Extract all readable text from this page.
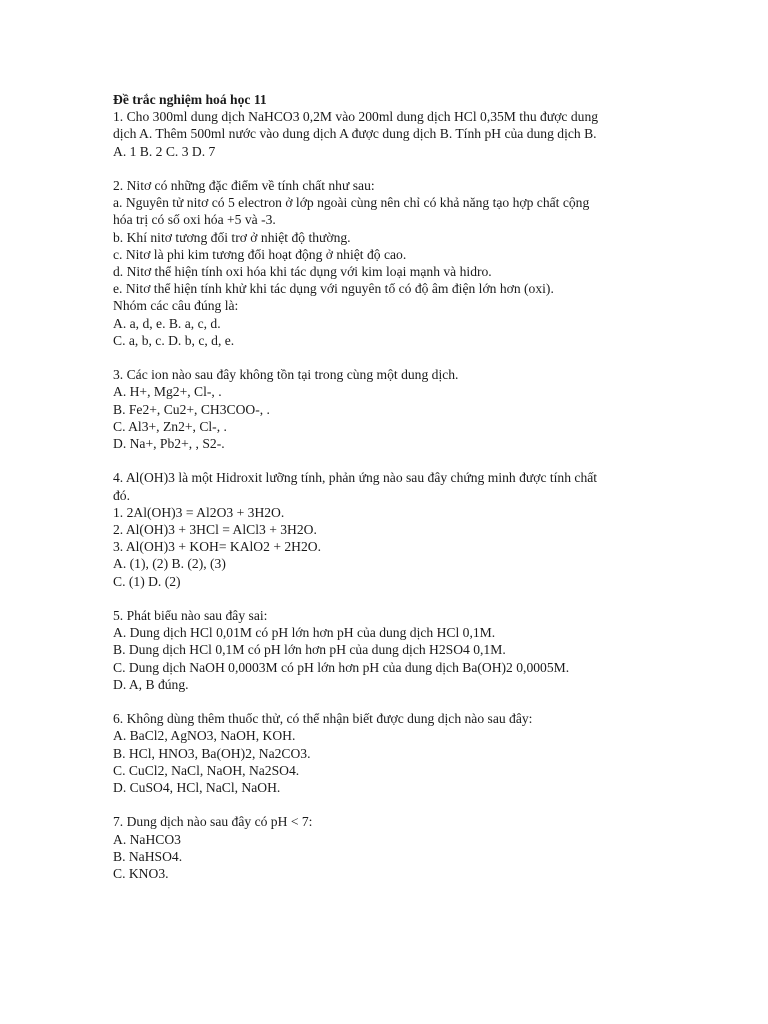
Đề trắc nghiệm hoá học 11

1. Cho 300ml dung dịch NaHCO3 0,2M vào 200ml dung dịch HCl 0,35M thu được dung

dịch A. Thêm 500ml nước vào dung dịch A được dung dịch B. Tính pH của dung dịch B.

A. 1 B. 2 C. 3 D. 7

2. Nitơ có những đặc điểm về tính chất như sau:

a. Nguyên tử nitơ có 5 electron ở lớp ngoài cùng nên chỉ có khả năng tạo hợp chất cộng

hóa trị có số oxi hóa +5 và -3.

b. Khí nitơ tương đối trơ ở nhiệt độ thường.

c. Nitơ là phi kim tương đối hoạt động ở nhiệt độ cao.

d. Nitơ thể hiện tính oxi hóa khi tác dụng với kim loại mạnh và hidro.

e. Nitơ thể hiện tính khử khi tác dụng với nguyên tố có độ âm điện lớn hơn (oxi).

Nhóm các câu đúng là:

A. a, d, e. B. a, c, d.

C. a, b, c. D. b, c, d, e.

3. Các ion nào sau đây không tồn tại trong cùng một dung dịch.

A. H+, Mg2+, Cl-, .

B. Fe2+, Cu2+, CH3COO-, .

C. Al3+, Zn2+, Cl-, .

D. Na+, Pb2+, , S2-.

4. Al(OH)3 là một Hidroxit lưỡng tính, phản ứng nào sau đây chứng minh được tính chất

đó.

1. 2Al(OH)3 = Al2O3 + 3H2O.

2. Al(OH)3 + 3HCl = AlCl3 + 3H2O.

3. Al(OH)3 + KOH= KAlO2 + 2H2O.

A. (1), (2) B. (2), (3)

C. (1) D. (2)

5. Phát biểu nào sau đây sai:

A. Dung dịch HCl 0,01M có pH lớn hơn pH của dung dịch HCl 0,1M.

B. Dung dịch HCl 0,1M có pH lớn hơn pH của dung dịch H2SO4 0,1M.

C. Dung dịch NaOH 0,0003M có pH lớn hơn pH của dung dịch Ba(OH)2 0,0005M.

D. A, B đúng.

6. Không dùng thêm thuốc thử, có thể nhận biết được dung dịch nào sau đây:

A. BaCl2, AgNO3, NaOH, KOH.

B. HCl, HNO3, Ba(OH)2, Na2CO3.

C. CuCl2, NaCl, NaOH, Na2SO4.

D. CuSO4, HCl, NaCl, NaOH.

7. Dung dịch nào sau đây có pH < 7:

A. NaHCO3

B. NaHSO4.

C. KNO3.
